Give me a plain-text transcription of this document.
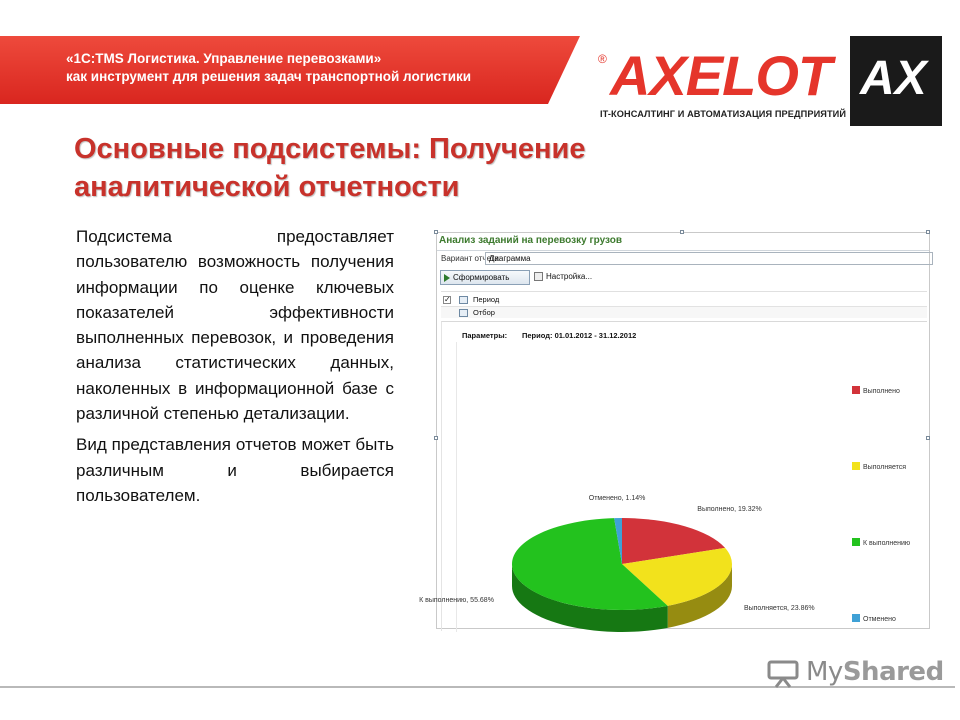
«1С:TMS Логистика. Управление перевозками»
как инструмент для решения задач транспортной логистики
® AXELOT
IT-КОНСАЛТИНГ И АВТОМАТИЗАЦИЯ ПРЕДПРИЯТИЙ
AX
Основные подсистемы: Получение
аналитической отчетности

Подсистема предоставляет пользователю возможность получения информации по оценке ключевых показателей эффективности выполненных перевозок, и проведения анализа статистических данных, наколенных в информационной базе с различной степенью детализации.

Вид представления отчетов может быть различным и выбирается пользователем.

Анализ заданий на перевозку грузов
Вариант отчета:
Диаграмма
Сформировать	Настройка...
✓
Период
Отбор
Параметры: Период: 01.01.2012 - 31.12.2012
Выполнено, 19.32%
Выполняется, 23.86%
К выполнению, 55.68%
Отменено, 1.14%
Выполнено
Выполняется
К выполнению
Отменено
MyShared
